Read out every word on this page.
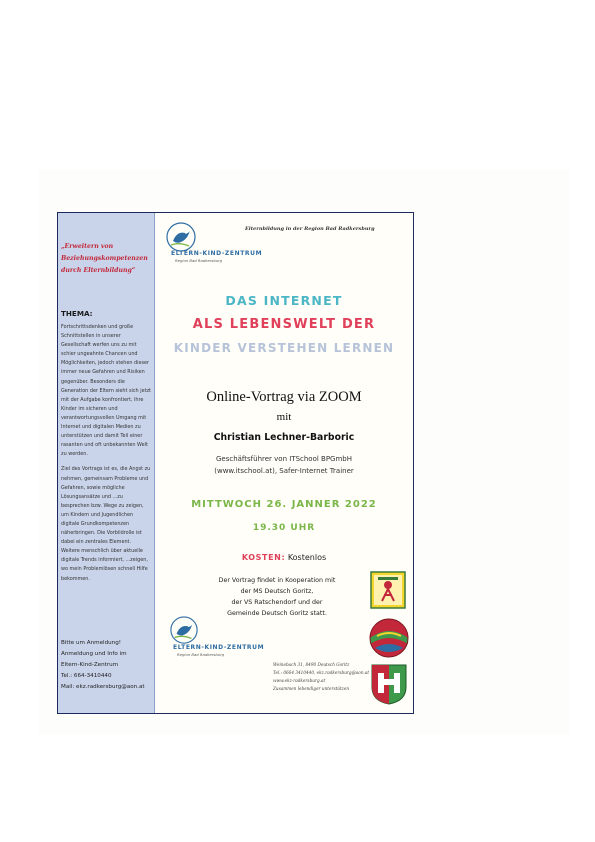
„Erweitern von
Beziehungskompetenzen
durch Elternbildung“
THEMA:

Fortschrittsdenken und große Schnittstellen in unserer Gesellschaft werfen uns zu mit schier ungeahnte Chancen und Möglichkeiten, jedoch stehen dieser immer neue Gefahren und Risiken gegenüber. Besonders die Generation der Eltern sieht sich jetzt mit der Aufgabe konfrontiert, ihre Kinder im sicheren und verantwortungsvollen Umgang mit Internet und digitalen Medien zu unterstützen und damit Teil einer rasanten und oft unbekannten Welt zu werden.

Ziel des Vortrags ist es, die Angst zu nehmen, gemeinsam Probleme und Gefahren, sowie mögliche Lösungsansätze und ...zu besprechen bzw. Wege zu zeigen, um Kindern und Jugendlichen digitale Grundkompetenzen näherbringen. Die Vorbildrolle ist dabei ein zentrales Element. Weitere menschlich über aktuelle digitale Trends informiert, ...zeigen, wo mein Problemlösen schnell Hilfe bekommen.

Bitte um Anmeldung!
Anmeldung und Info im
Eltern-Kind-Zentrum
Tel.: 664-3410440
Mail: ekz.radkersburg@aon.at
ELTERN-KIND-ZENTRUM
Region Bad Radkersburg
Elternbildung in der Region Bad Radkersburg
DAS INTERNET
ALS LEBENSWELT DER
KINDER VERSTEHEN LERNEN
Online-Vortrag via ZOOM
mit
Christian Lechner-Barboric
Geschäftsführer von ITSchool BPGmbH
(www.itschool.at), Safer-Internet Trainer
MITTWOCH 26. JANNER 2022
19.30 UHR
KOSTEN: Kostenlos
Der Vortrag findet in Kooperation mit
der MS Deutsch Goritz,
der VS Ratschendorf und der
Gemeinde Deutsch Goritz statt.
ELTERN-KIND-ZENTRUM
Region Bad Radkersburg
Weinebach 31, 8490 Deutsch Goritz
Tel.: 0664 3410440, ekz.radkersburg@aon.at
www.ekz-radkersburg.at
Zusammen lebendiger unterstützen
